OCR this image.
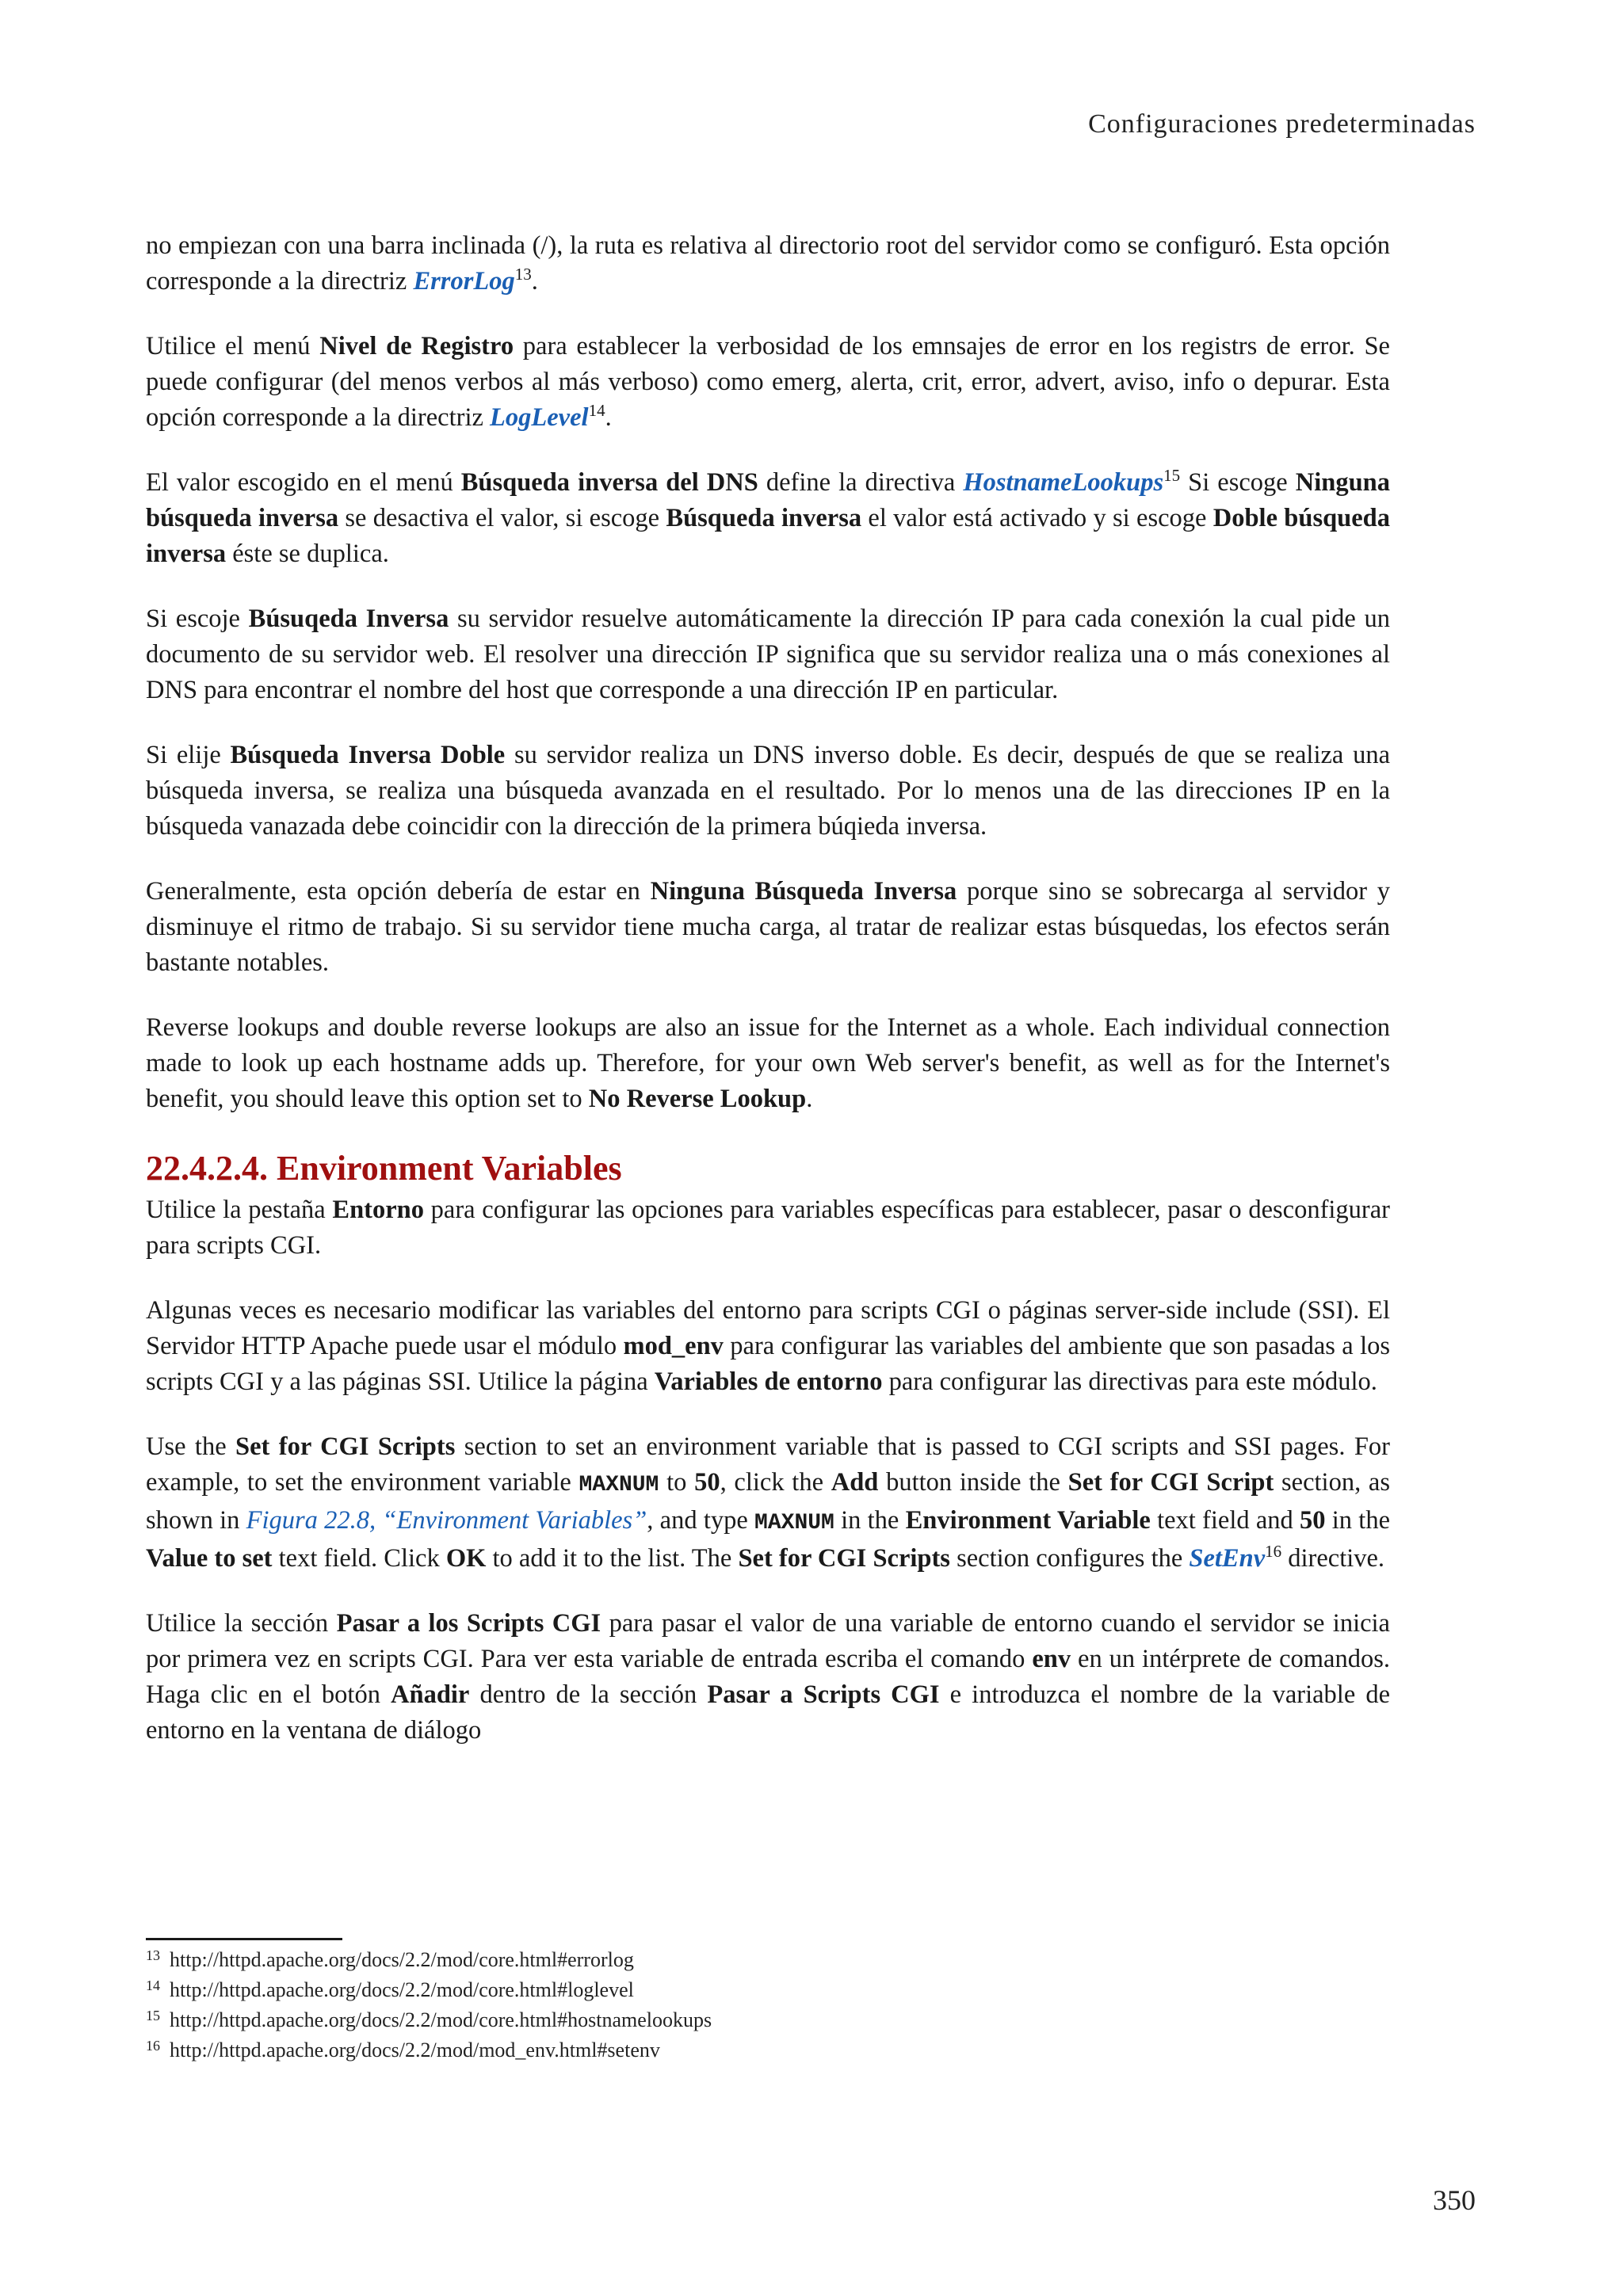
Configuraciones predeterminadas

no empiezan con una barra inclinada (/), la ruta es relativa al directorio root del servidor como se configuró. Esta opción corresponde a la directriz ErrorLog$^{13}$.

Utilice el menú Nivel de Registro para establecer la verbosidad de los emnsajes de error en los registrs de error. Se puede configurar (del menos verbos al más verboso) como emerg, alerta, crit, error, advert, aviso, info o depurar. Esta opción corresponde a la directriz LogLevel$^{14}$.

El valor escogido en el menú Búsqueda inversa del DNS define la directiva HostnameLookups$^{15}$ Si escoge Ninguna búsqueda inversa se desactiva el valor, si escoge Búsqueda inversa el valor está activado y si escoge Doble búsqueda inversa éste se duplica.

Si escoje Búsuqeda Inversa su servidor resuelve automáticamente la dirección IP para cada conexión la cual pide un documento de su servidor web. El resolver una dirección IP significa que su servidor realiza una o más conexiones al DNS para encontrar el nombre del host que corresponde a una dirección IP en particular.

Si elije Búsqueda Inversa Doble su servidor realiza un DNS inverso doble. Es decir, después de que se realiza una búsqueda inversa, se realiza una búsqueda avanzada en el resultado. Por lo menos una de las direcciones IP en la búsqueda vanazada debe coincidir con la dirección de la primera búqieda inversa.

Generalmente, esta opción debería de estar en Ninguna Búsqueda Inversa porque sino se sobrecarga al servidor y disminuye el ritmo de trabajo. Si su servidor tiene mucha carga, al tratar de realizar estas búsquedas, los efectos serán bastante notables.

Reverse lookups and double reverse lookups are also an issue for the Internet as a whole. Each individual connection made to look up each hostname adds up. Therefore, for your own Web server's benefit, as well as for the Internet's benefit, you should leave this option set to No Reverse Lookup.

22.4.2.4. Environment Variables

Utilice la pestaña Entorno para configurar las opciones para variables específicas para establecer, pasar o desconfigurar para scripts CGI.

Algunas veces es necesario modificar las variables del entorno para scripts CGI o páginas server-side include (SSI). El Servidor HTTP Apache puede usar el módulo mod_env para configurar las variables del ambiente que son pasadas a los scripts CGI y a las páginas SSI. Utilice la página Variables de entorno para configurar las directivas para este módulo.

Use the Set for CGI Scripts section to set an environment variable that is passed to CGI scripts and SSI pages. For example, to set the environment variable MAXNUM to 50, click the Add button inside the Set for CGI Script section, as shown in Figura 22.8, “Environment Variables”, and type MAXNUM in the Environment Variable text field and 50 in the Value to set text field. Click OK to add it to the list. The Set for CGI Scripts section configures the SetEnv$^{16}$ directive.

Utilice la sección Pasar a los Scripts CGI para pasar el valor de una variable de entorno cuando el servidor se inicia por primera vez en scripts CGI. Para ver esta variable de entrada escriba el comando env en un intérprete de comandos. Haga clic en el botón Añadir dentro de la sección Pasar a Scripts CGI e introduzca el nombre de la variable de entorno en la ventana de diálogo

13 http://httpd.apache.org/docs/2.2/mod/core.html#errorlog
14 http://httpd.apache.org/docs/2.2/mod/core.html#loglevel
15 http://httpd.apache.org/docs/2.2/mod/core.html#hostnamelookups
16 http://httpd.apache.org/docs/2.2/mod/mod_env.html#setenv
350
